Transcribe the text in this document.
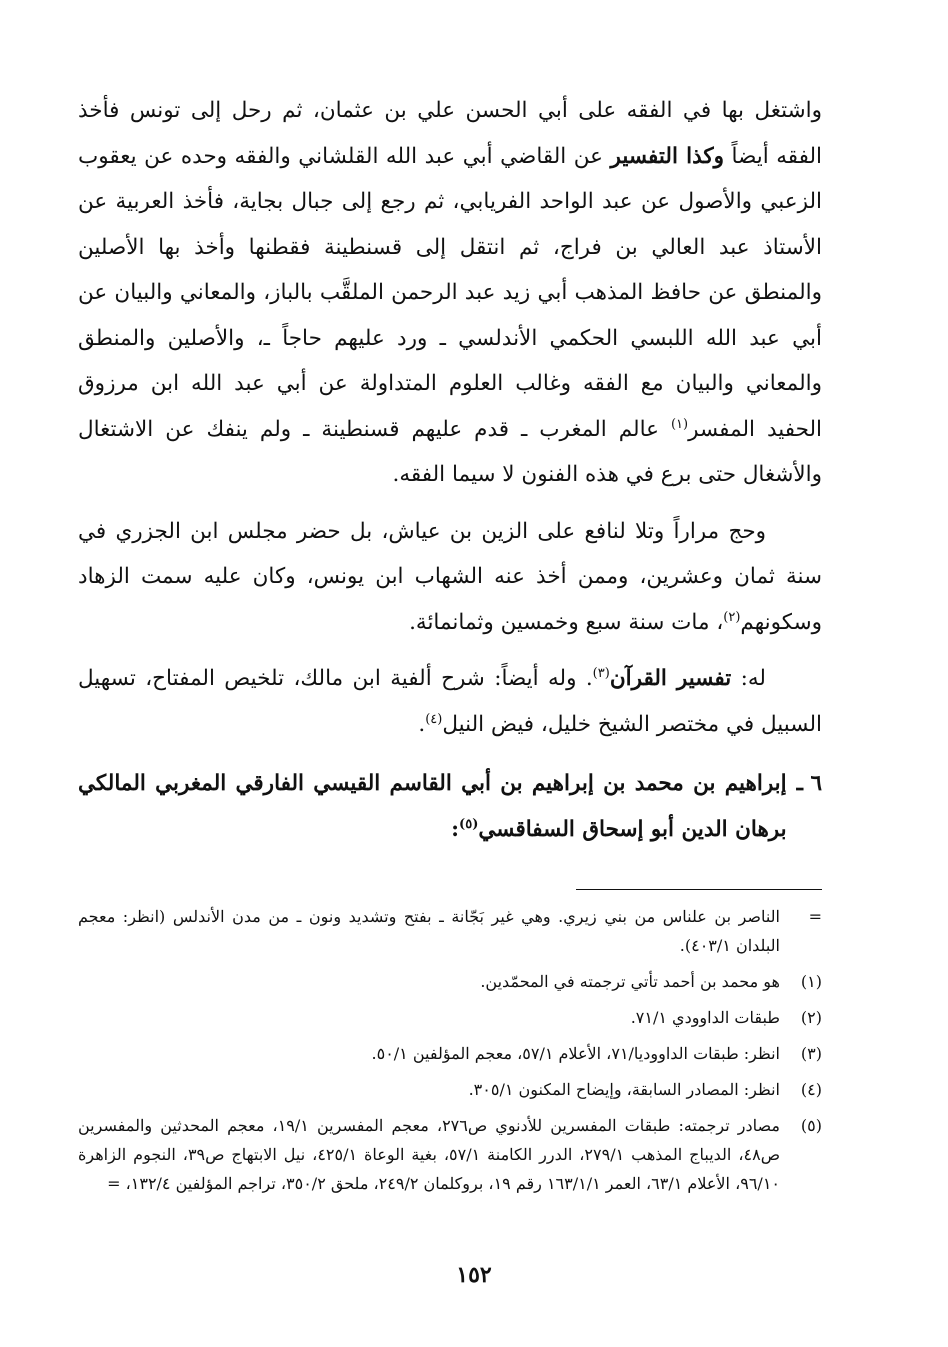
واشتغل بها في الفقه على أبي الحسن علي بن عثمان، ثم رحل إلى تونس فأخذ الفقه أيضاً وكذا التفسير عن القاضي أبي عبد الله القلشاني والفقه وحده عن يعقوب الزعبي والأصول عن عبد الواحد الفريابي، ثم رجع إلى جبال بجاية، فأخذ العربية عن الأستاذ عبد العالي بن فراج، ثم انتقل إلى قسنطينة فقطنها وأخذ بها الأصلين والمنطق عن حافظ المذهب أبي زيد عبد الرحمن الملقَّب بالباز، والمعاني والبيان عن أبي عبد الله اللبسي الحكمي الأندلسي ـ ورد عليهم حاجاً ـ، والأصلين والمنطق والمعاني والبيان مع الفقه وغالب العلوم المتداولة عن أبي عبد الله ابن مرزوق الحفيد المفسر$^{(١)}$ عالم المغرب ـ قدم عليهم قسنطينة ـ ولم ينفك عن الاشتغال والأشغال حتى برع في هذه الفنون لا سيما الفقه.

وحج مراراً وتلا لنافع على الزين بن عياش، بل حضر مجلس ابن الجزري في سنة ثمان وعشرين، وممن أخذ عنه الشهاب ابن يونس، وكان عليه سمت الزهاد وسكونهم$^{(٢)}$، مات سنة سبع وخمسين وثمانمائة.

له: تفسير القرآن$^{(٣)}$. وله أيضاً: شرح ألفية ابن مالك، تلخيص المفتاح، تسهيل السبيل في مختصر الشيخ خليل، فيض النيل$^{(٤)}$.

٦ ـ
إبراهيم بن محمد بن إبراهيم بن أبي القاسم القيسي الفارقي المغربي المالكي برهان الدين أبو إسحاق السفاقسي$^{(٥)}$:
=
الناصر بن علناس من بني زيري. وهي غير بَجّانة ـ بفتح وتشديد ونون ـ من مدن الأندلس (انظر: معجم البلدان ٤٠٣/١).
(١)
هو محمد بن أحمد تأتي ترجمته في المحمّدين.
(٢)
طبقات الداوودي ٧١/١.
(٣)
انظر: طبقات الداووديا/٧١، الأعلام ٥٧/١، معجم المؤلفين ٥٠/١.
(٤)
انظر: المصادر السابقة، وإيضاح المكنون ٣٠٥/١.
(٥)
مصادر ترجمته: طبقات المفسرين للأدنوي ص٢٧٦، معجم المفسرين ١٩/١، معجم المحدثين والمفسرين ص٤٨، الديباج المذهب ٢٧٩/١، الدرر الكامنة ٥٧/١، بغية الوعاة ٤٢٥/١، نيل الابتهاج ص٣٩، النجوم الزاهرة ٩٦/١٠، الأعلام ٦٣/١، العمر ١٦٣/١/١ رقم ١٩، بروكلمان ٢٤٩/٢، ملحق ٣٥٠/٢، تراجم المؤلفين ١٣٢/٤، =
١٥٢
